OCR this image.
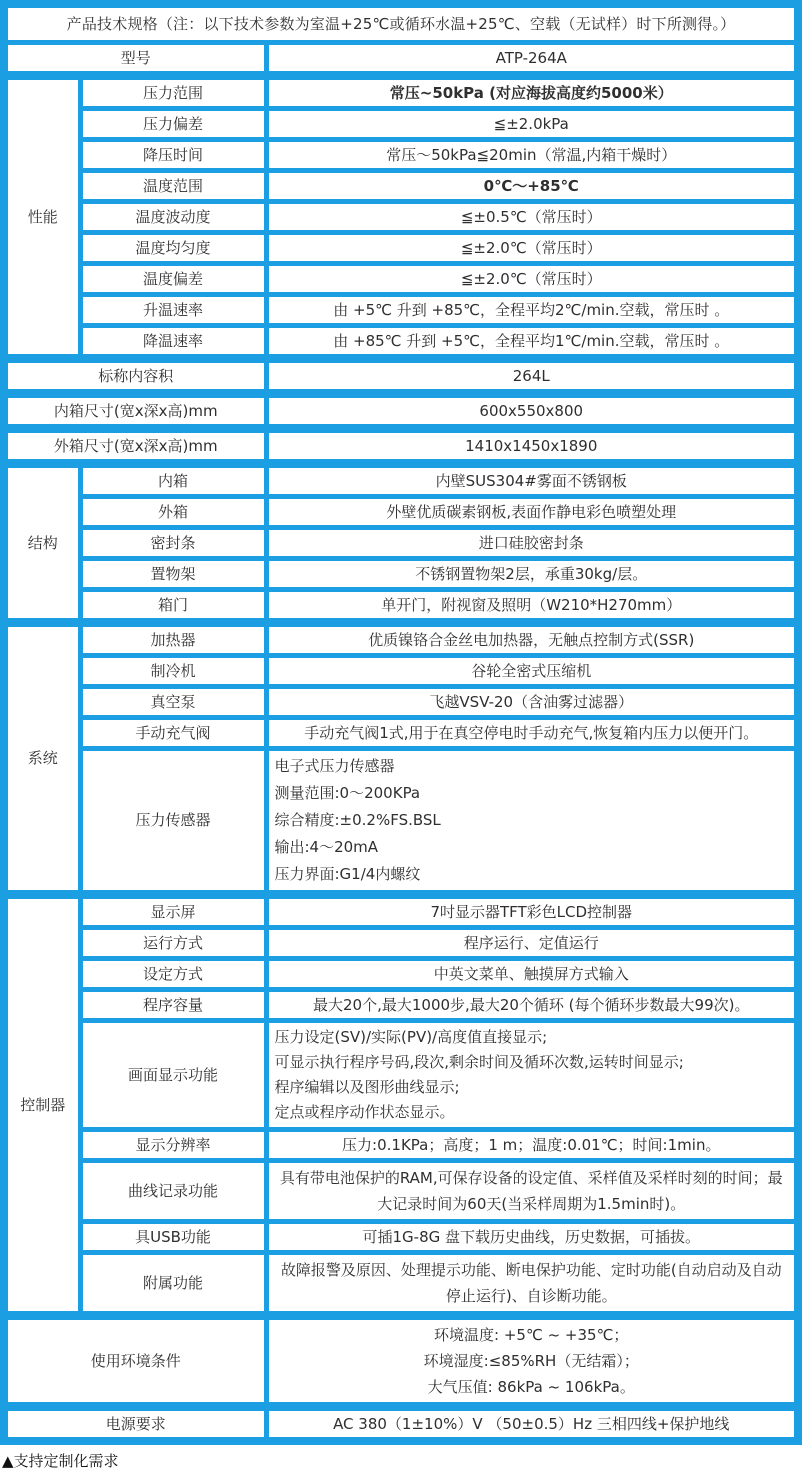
产品技术规格（注：以下技术参数为室温+25℃或循环水温+25℃、空载（无试样）时下所测得。）		
型号		ATP-264A
性能	压力范围	常压~50kPa (对应海拔高度约5000米）
	压力偏差	≦±2.0kPa
	降压时间	常压～50kPa≦20min（常温,内箱干燥时）
	温度范围	0℃～+85℃
	温度波动度	≦±0.5℃（常压时）
	温度均匀度	≦±2.0℃（常压时）
	温度偏差	≦±2.0℃（常压时）
	升温速率	由 +5℃ 升到 +85℃，全程平均2℃/min.空载，常压时 。
	降温速率	由 +85℃ 升到 +5℃，全程平均1℃/min.空载，常压时 。
标称内容积		264L
内箱尺寸(宽x深x高)mm		600x550x800
外箱尺寸(宽x深x高)mm		1410x1450x1890
结构	内箱	内壁SUS304#雾面不锈钢板
	外箱	外壁优质碳素钢板,表面作静电彩色喷塑处理
	密封条	进口硅胶密封条
	置物架	不锈钢置物架2层，承重30kg/层。
	箱门	单开门，附视窗及照明（W210*H270mm）
系统	加热器	优质镍铬合金丝电加热器，无触点控制方式(SSR)
	制冷机	谷轮全密式压缩机
	真空泵	飞越VSV-20（含油雾过滤器）
	手动充气阀	手动充气阀1式,用于在真空停电时手动充气,恢复箱内压力以便开门。
	压力传感器	电子式压力传感器
测量范围:0〜200KPa
综合精度:±0.2%FS.BSL
输出:4〜20mA
压力界面:G1/4内螺纹

控制器	显示屏	7吋显示器TFT彩色LCD控制器
	运行方式	程序运行、定值运行
	设定方式	中英文菜单、触摸屏方式输入
	程序容量	最大20个,最大1000步,最大20个循环 (每个循环步数最大99次)。
	画面显示功能	压力设定(SV)/实际(PV)/高度值直接显示;
可显示执行程序号码,段次,剩余时间及循环次数,运转时间显示;
程序编辑以及图形曲线显示;
定点或程序动作状态显示。

	显示分辨率	压力:0.1KPa；高度；1 m；温度:0.01℃；时间:1min。
	曲线记录功能	具有带电池保护的RAM,可保存设备的设定值、采样值及采样时刻的时间；最大记录时间为60天(当采样周期为1.5min时)。
	具USB功能	可插1G-8G 盘下载历史曲线，历史数据，可插拔。
	附属功能	故障报警及原因、处理提示功能、断电保护功能、定时功能(自动启动及自动停止运行)、自诊断功能。
使用环境条件		环境温度: +5℃ ~ +35℃；
环境湿度:≤85%RH（无结霜）；
大气压值: 86kPa ~ 106kPa。

电源要求		AC 380（1±10%）V （50±0.5）Hz 三相四线+保护地线
▲支持定制化需求
